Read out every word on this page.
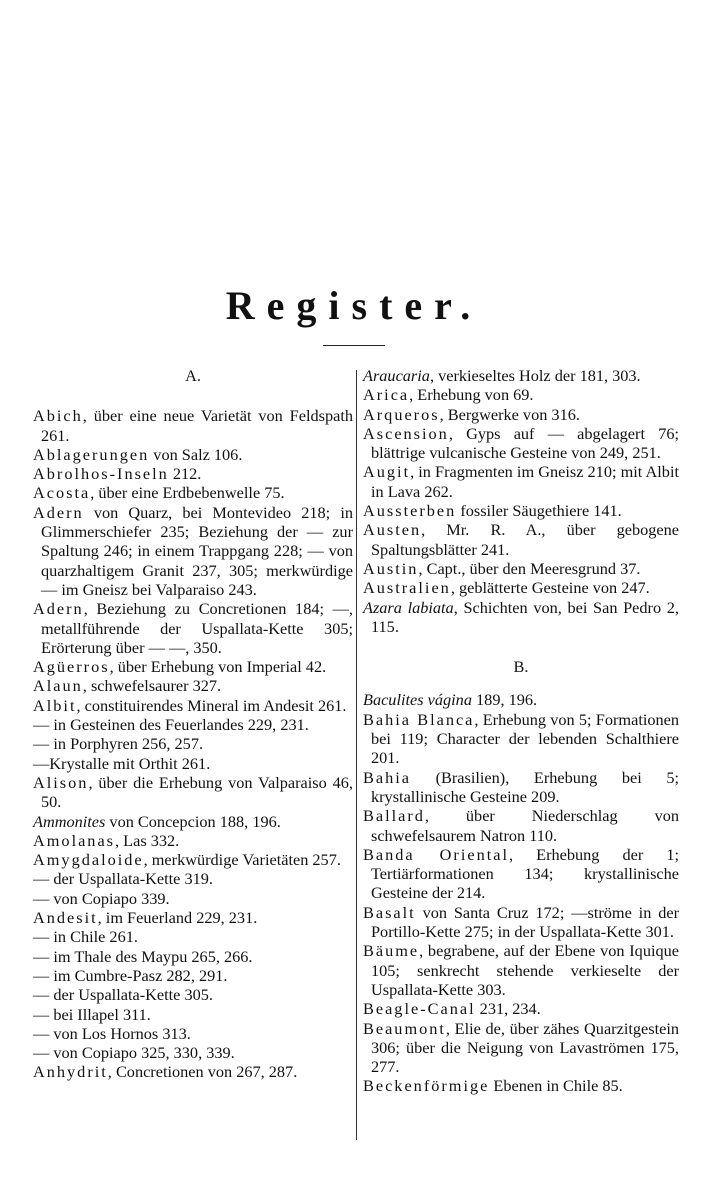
Register.

A.

Abich, über eine neue Varietät von Feldspath 261.

Ablagerungen von Salz 106.

Abrolhos-Inseln 212.

Acosta, über eine Erdbebenwelle 75.

Adern von Quarz, bei Montevideo 218; in Glimmerschiefer 235; Beziehung der — zur Spaltung 246; in einem Trappgang 228; — von quarzhaltigem Granit 237, 305; merkwürdige — im Gneisz bei Valparaiso 243.

Adern, Beziehung zu Concretionen 184; —, metallführende der Uspallata-Kette 305; Erörterung über — —, 350.

Agüerros, über Erhebung von Imperial 42.

Alaun, schwefelsaurer 327.

Albit, constituirendes Mineral im Andesit 261.

— in Gesteinen des Feuerlandes 229, 231.

— in Porphyren 256, 257.

—Krystalle mit Orthit 261.

Alison, über die Erhebung von Valparaiso 46, 50.

Ammonites von Concepcion 188, 196.

Amolanas, Las 332.

Amygdaloide, merkwürdige Varietäten 257.

— der Uspallata-Kette 319.

— von Copiapo 339.

Andesit, im Feuerland 229, 231.

— in Chile 261.

— im Thale des Maypu 265, 266.

— im Cumbre-Pasz 282, 291.

— der Uspallata-Kette 305.

— bei Illapel 311.

— von Los Hornos 313.

— von Copiapo 325, 330, 339.

Anhydrit, Concretionen von 267, 287.

Araucaria, verkieseltes Holz der 181, 303.

Arica, Erhebung von 69.

Arqueros, Bergwerke von 316.

Ascension, Gyps auf — abgelagert 76; blättrige vulcanische Gesteine von 249, 251.

Augit, in Fragmenten im Gneisz 210; mit Albit in Lava 262.

Aussterben fossiler Säugethiere 141.

Austen, Mr. R. A., über gebogene Spaltungsblätter 241.

Austin, Capt., über den Meeresgrund 37.

Australien, geblätterte Gesteine von 247.

Azara labiata, Schichten von, bei San Pedro 2, 115.

B.

Baculites vágina 189, 196.

Bahia Blanca, Erhebung von 5; Formationen bei 119; Character der lebenden Schalthiere 201.

Bahia (Brasilien), Erhebung bei 5; krystallinische Gesteine 209.

Ballard, über Niederschlag von schwefelsaurem Natron 110.

Banda Oriental, Erhebung der 1; Tertiärformationen 134; krystallinische Gesteine der 214.

Basalt von Santa Cruz 172; —ströme in der Portillo-Kette 275; in der Uspallata-Kette 301.

Bäume, begrabene, auf der Ebene von Iquique 105; senkrecht stehende verkieselte der Uspallata-Kette 303.

Beagle-Canal 231, 234.

Beaumont, Elie de, über zähes Quarzitgestein 306; über die Neigung von Lavaströmen 175, 277.

Beckenförmige Ebenen in Chile 85.
